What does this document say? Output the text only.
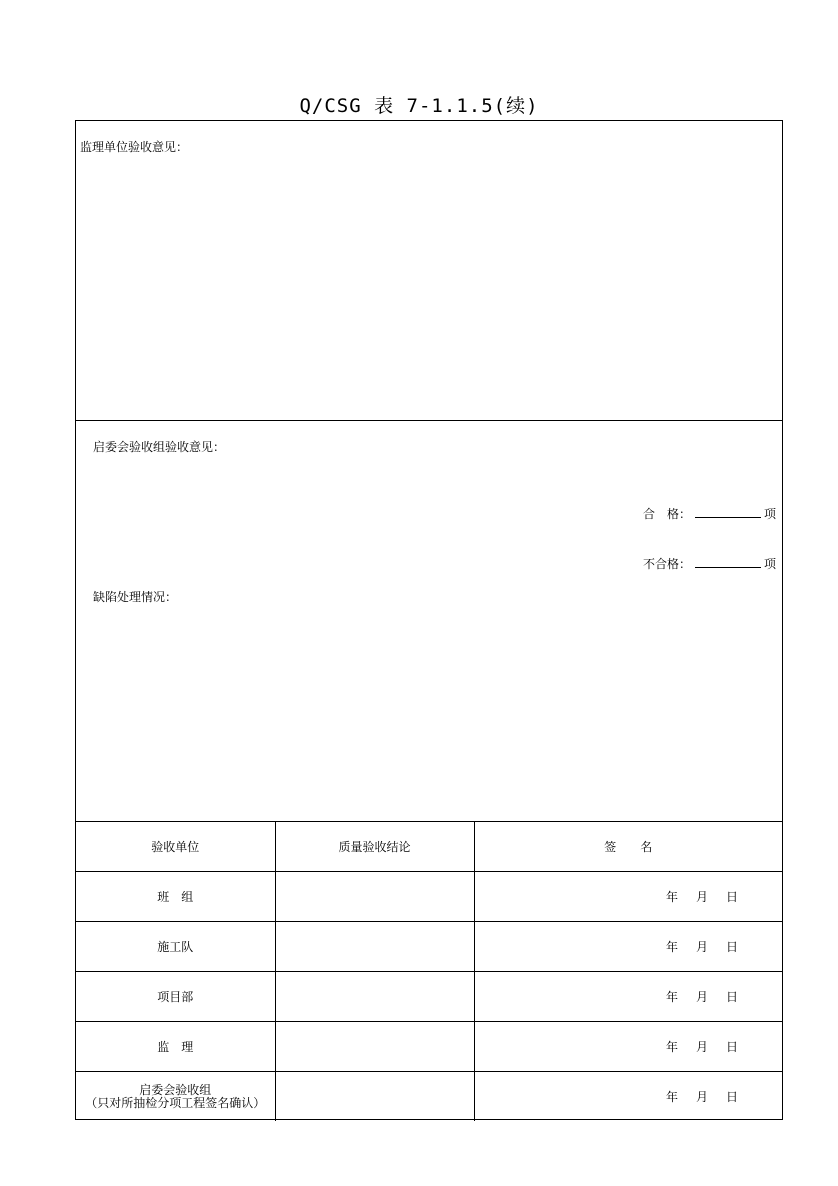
Q/CSG 表 7-1.1.5(续)
监理单位验收意见：
启委会验收组验收意见：
合　格：	项
不合格：	项
缺陷处理情况：
验收单位	质量验收结论	签　　名
班　组		年 月 日
施工队		年 月 日
项目部		年 月 日
监　理		年 月 日

启委会验收组
（只对所抽检分项工程签名确认）		年 月 日
